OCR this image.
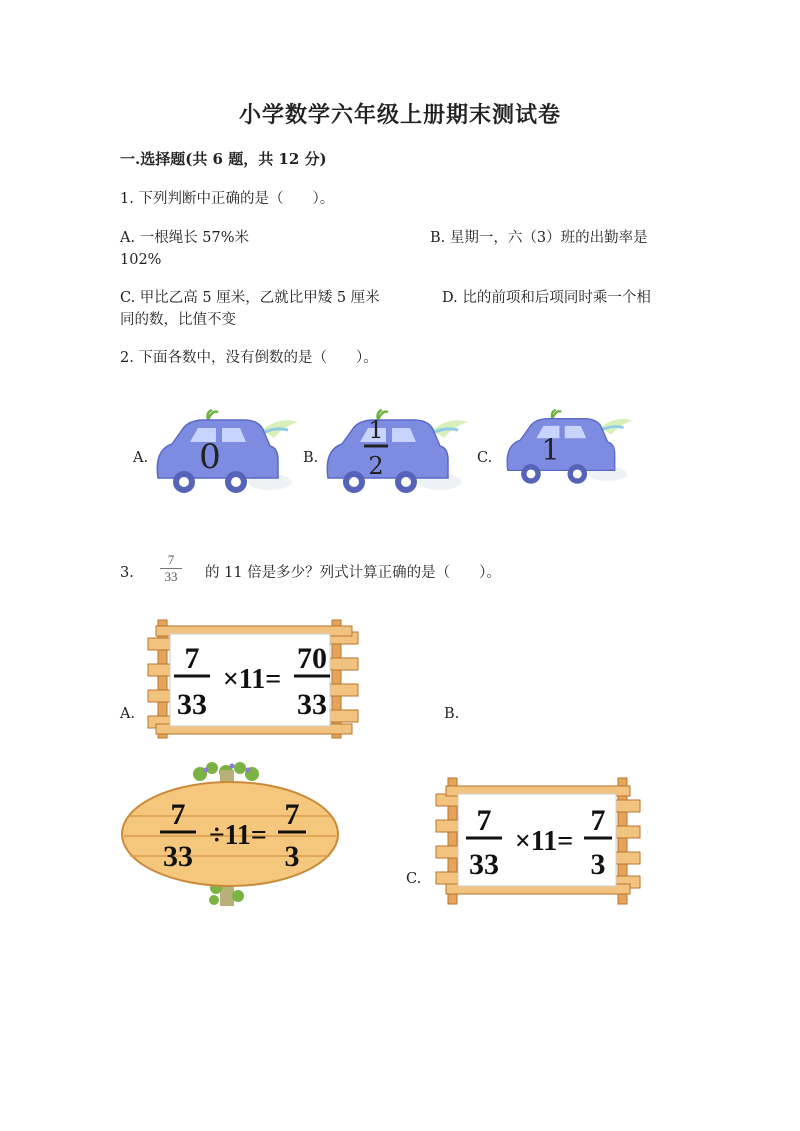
小学数学六年级上册期末测试卷
一.选择题(共 6 题，共 12 分)
1. 下列判断中正确的是（　　）。
A. 一根绳长 57%米	B. 星期一，六（3）班的出勤率是
102%
C. 甲比乙高 5 厘米，乙就比甲矮 5 厘米	D. 比的前项和后项同时乘一个相
同的数，比值不变
2. 下面各数中，没有倒数的是（　　）。
A.	B.	C.
0
1
2	1
3.
7
33	的 11 倍是多少？列式计算正确的是（　　）。
A.	B.
C.
7
33
×11=
70
33
7
33
÷11=
7
3
7
33
×11=
7
3
